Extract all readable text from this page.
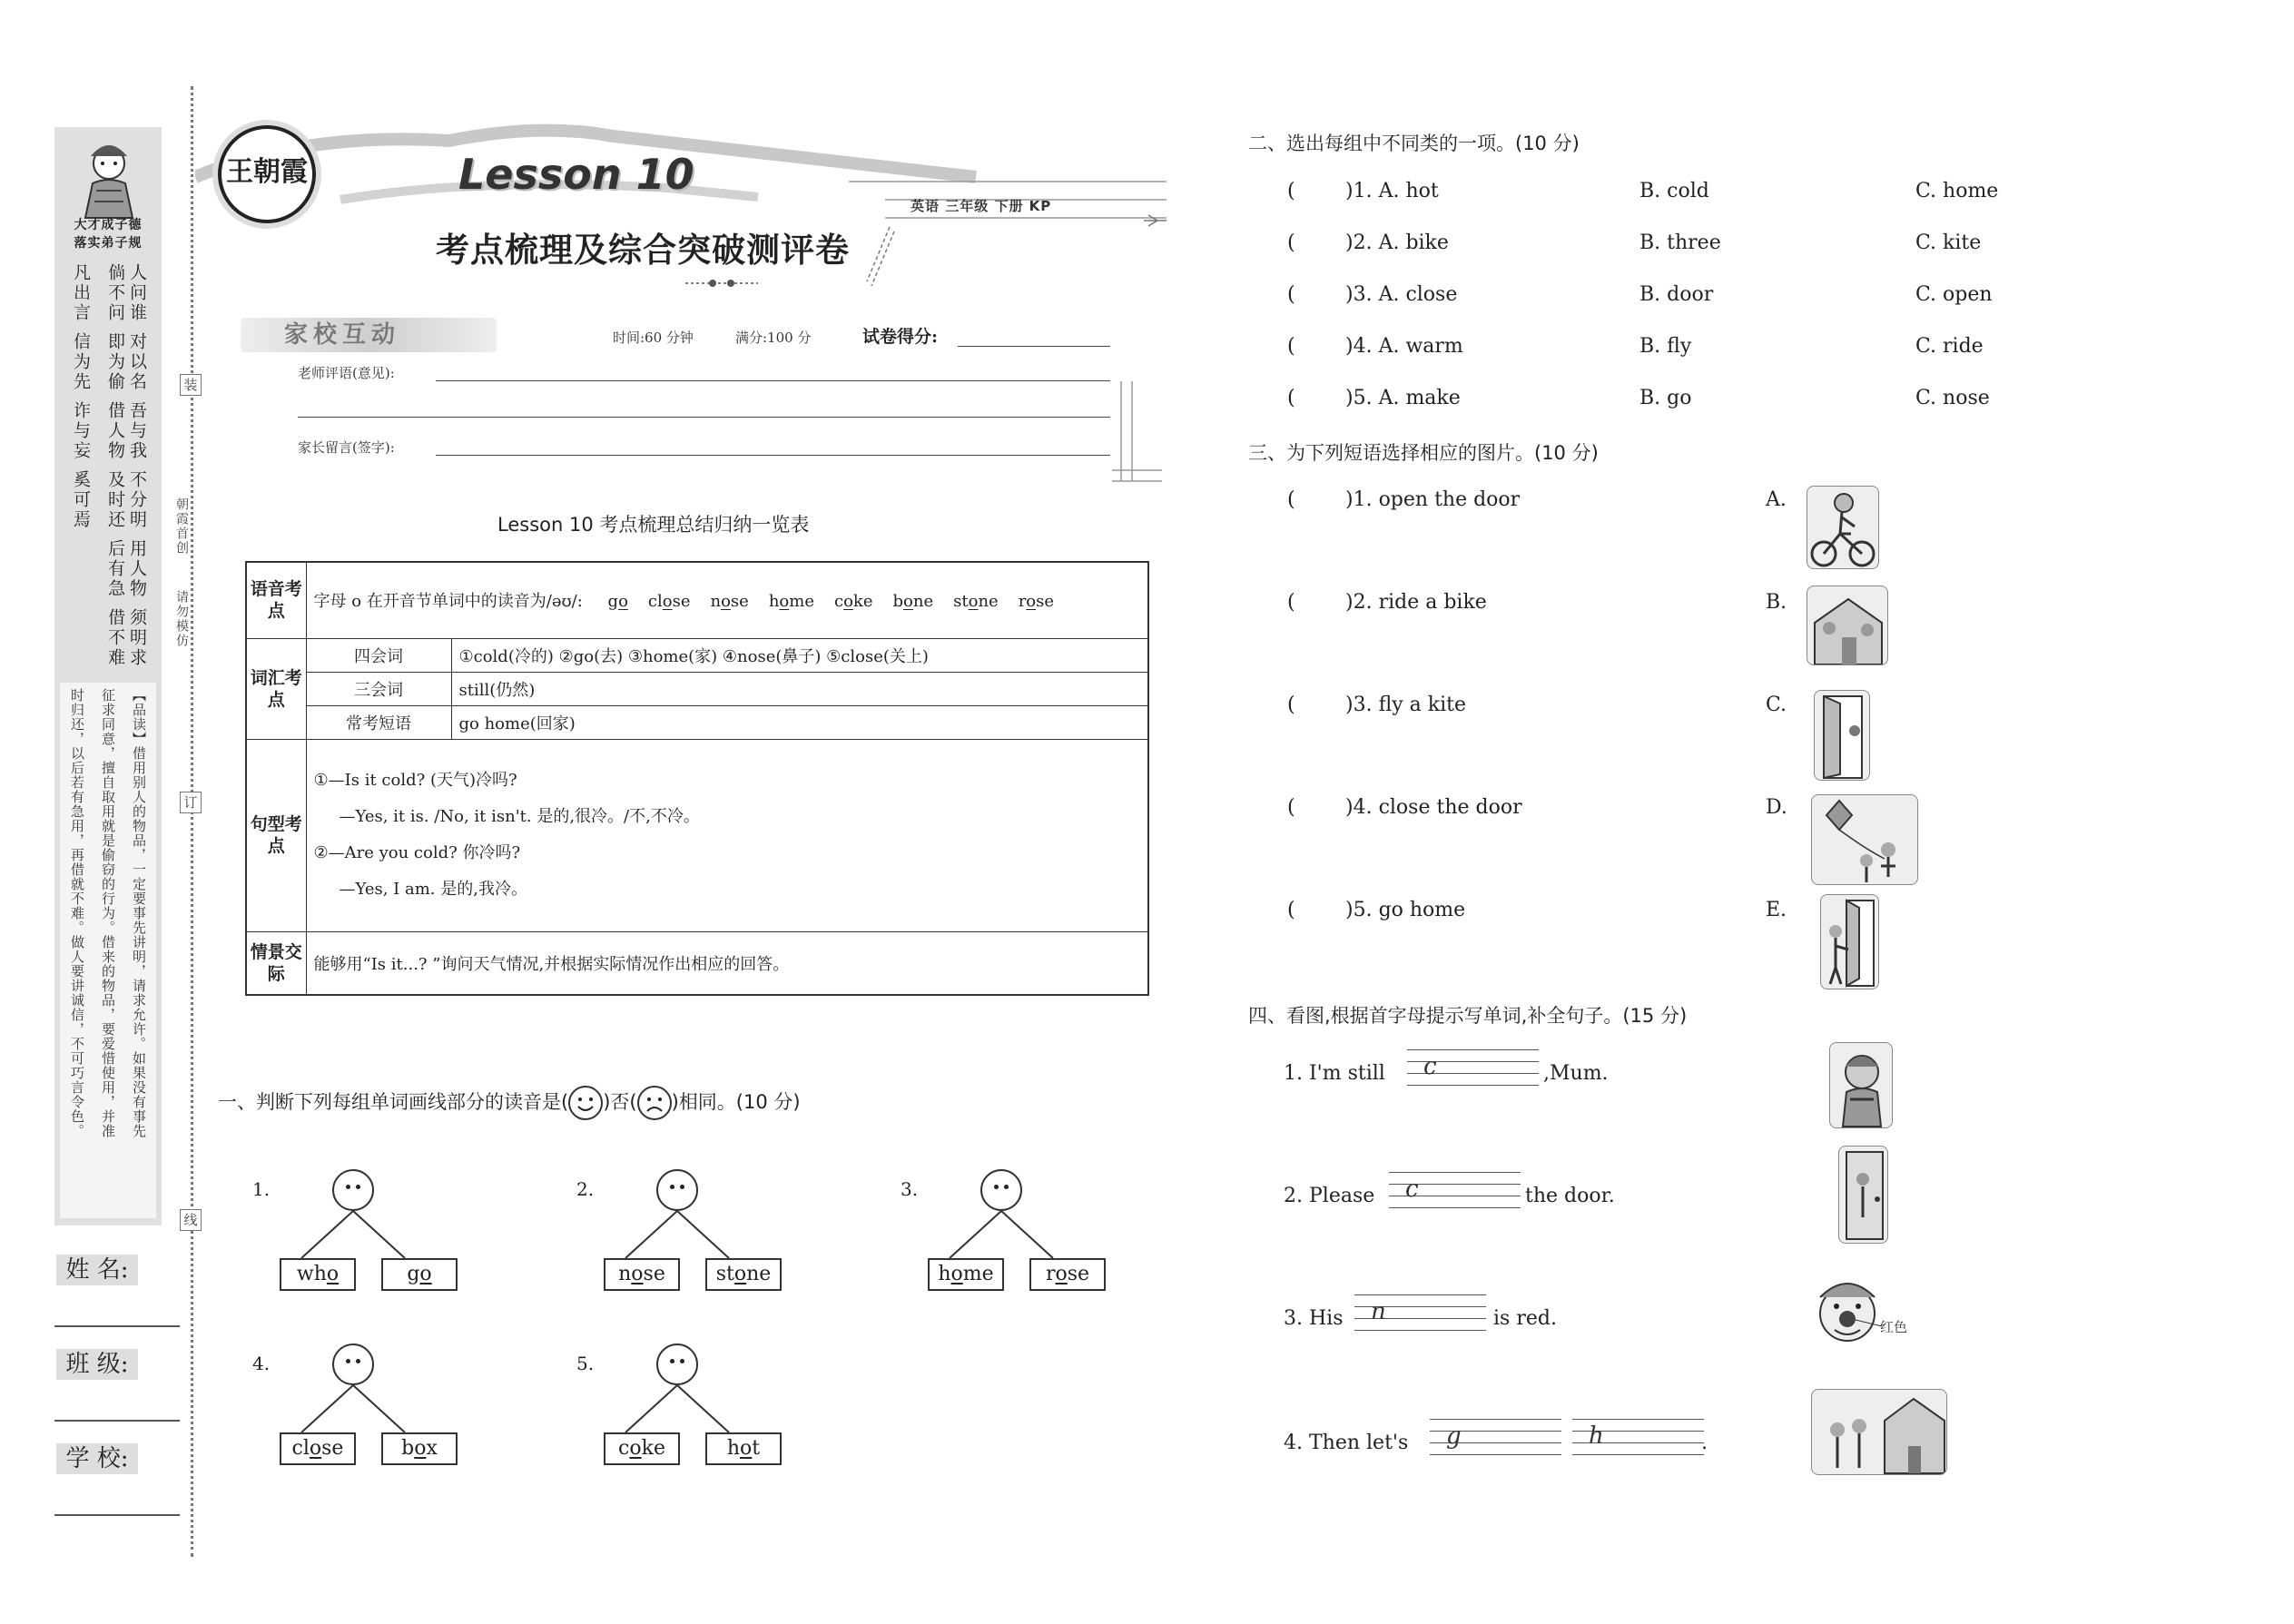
大才成子德
落实弟子规
人问谁
对以名
吾与我
不分明
用人物
须明求
倘不问
即为偷
借人物
及时还
后有急
借不难
凡出言
信为先
诈与妄
奚可焉
【品读】借用别人的物品，一定要事先讲明，请求允许。如果没有事先
征求同意，擅自取用就是偷窃的行为。借来的物品，要爱惜使用，并准
时归还，以后若有急用，再借就不难。做人要讲诚信，不可巧言令色。
姓 名:
班 级:
学 校:
装
订
线
朝霞首创
请勿模仿
王朝霞	Lesson 10
考点梳理及综合突破测评卷
英语 三年级 下册 KP
家校互动	时间:60 分钟	满分:100 分	试卷得分:
老师评语(意见):
家长留言(签字):
Lesson 10 考点梳理总结归纳一览表
语音考点	字母 o 在开音节单词中的读音为/əʊ/: go close nose home coke bone stone rose	
词汇考点	四会词	①cold(冷的) ②go(去) ③home(家) ④nose(鼻子) ⑤close(关上)
	三会词	still(仍然)
	常考短语	go home(回家)
句型考点	①—Is it cold? (天气)冷吗?
—Yes, it is. /No, it isn't. 是的,很冷。/不,不冷。
②—Are you cold? 你冷吗?
—Yes, I am. 是的,我冷。	

情景交际	能够用“Is it...? ”询问天气情况,并根据实际情况作出相应的回答。	
一、判断下列每组单词画线部分的读音是( )否( )相同。(10 分)
1.
who	go
2.
nose	stone
3.
home	rose
4.
close	box
5.
coke	hot
二、选出每组中不同类的一项。(10 分)
(	)1. A. hot	B. cold	C. home
(	)2. A. bike	B. three	C. kite
(	)3. A. close	B. door	C. open
(	)4. A. warm	B. fly	C. ride
(	)5. A. make	B. go	C. nose
三、为下列短语选择相应的图片。(10 分)
(	)1. open the door	A.
(	)2. ride a bike	B.
(	)3. fly a kite	C.
(	)4. close the door	D.
(	)5. go home	E.
四、看图,根据首字母提示写单词,补全句子。(15 分)
1. I'm still c	,Mum.
2. Please c	the door.
3. His n	is red.
4. Then let's g	h	.
红色
